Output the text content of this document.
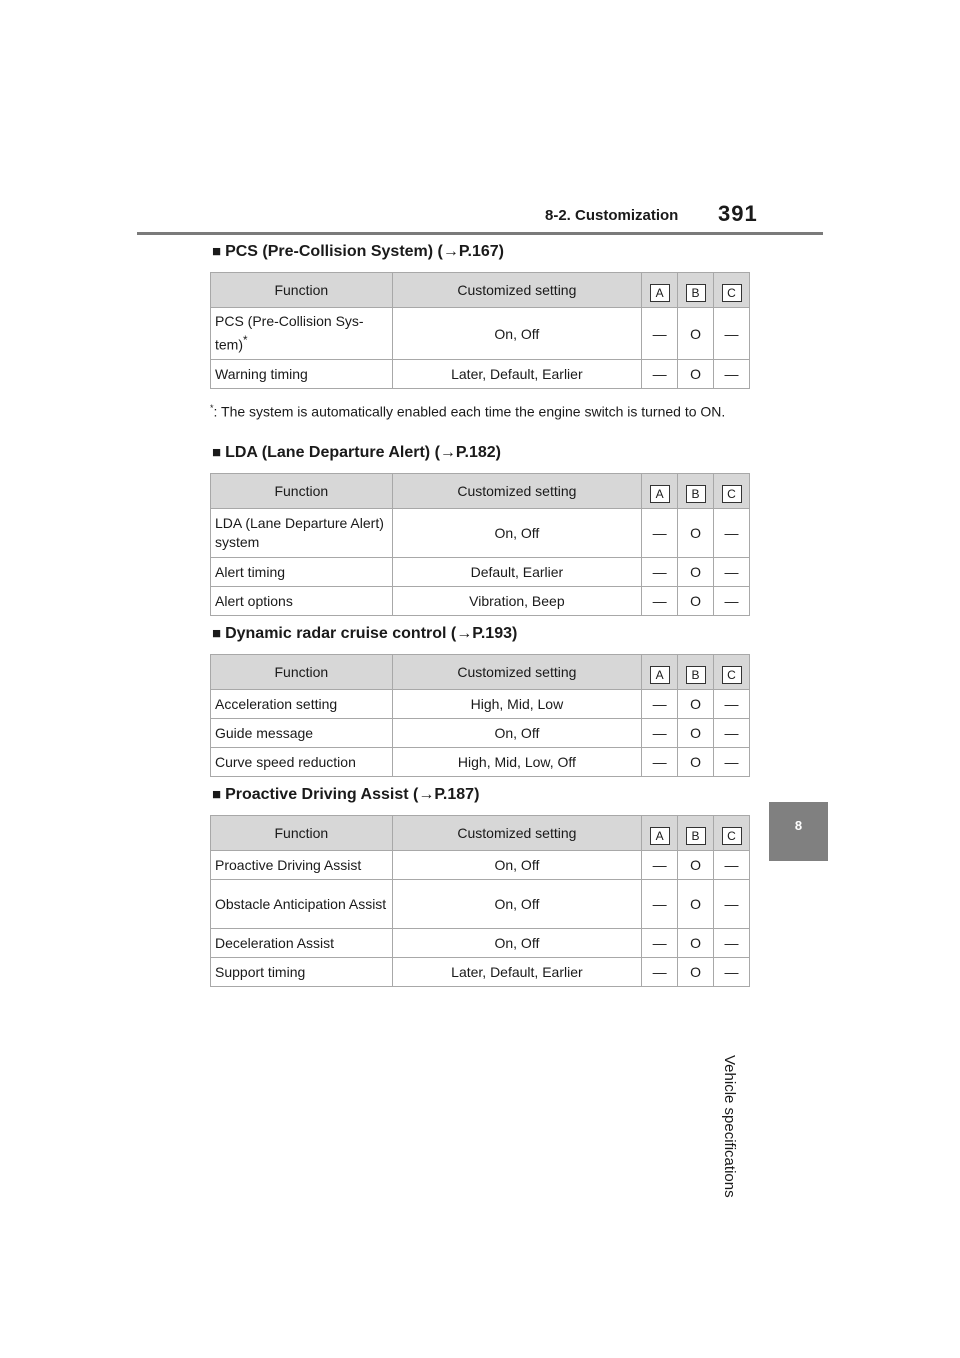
8-2. Customization 391
8
Vehicle specifications
■ PCS (Pre-Collision System) (→P.167)
Function	Customized setting	A	B	C
PCS (Pre-Collision Sys-tem)*	On, Off	—	O	—
Warning timing	Later, Default, Earlier	—	O	—
*: The system is automatically enabled each time the engine switch is turned to ON.
■ LDA (Lane Departure Alert) (→P.182)
Function	Customized setting	A	B	C
LDA (Lane Departure Alert) system	On, Off	—	O	—
Alert timing	Default, Earlier	—	O	—
Alert options	Vibration, Beep	—	O	—
■ Dynamic radar cruise control (→P.193)
Function	Customized setting	A	B	C
Acceleration setting	High, Mid, Low	—	O	—
Guide message	On, Off	—	O	—
Curve speed reduction	High, Mid, Low, Off	—	O	—
■ Proactive Driving Assist (→P.187)
Function	Customized setting	A	B	C
Proactive Driving Assist	On, Off	—	O	—
Obstacle Anticipation Assist	On, Off	—	O	—
Deceleration Assist	On, Off	—	O	—
Support timing	Later, Default, Earlier	—	O	—
